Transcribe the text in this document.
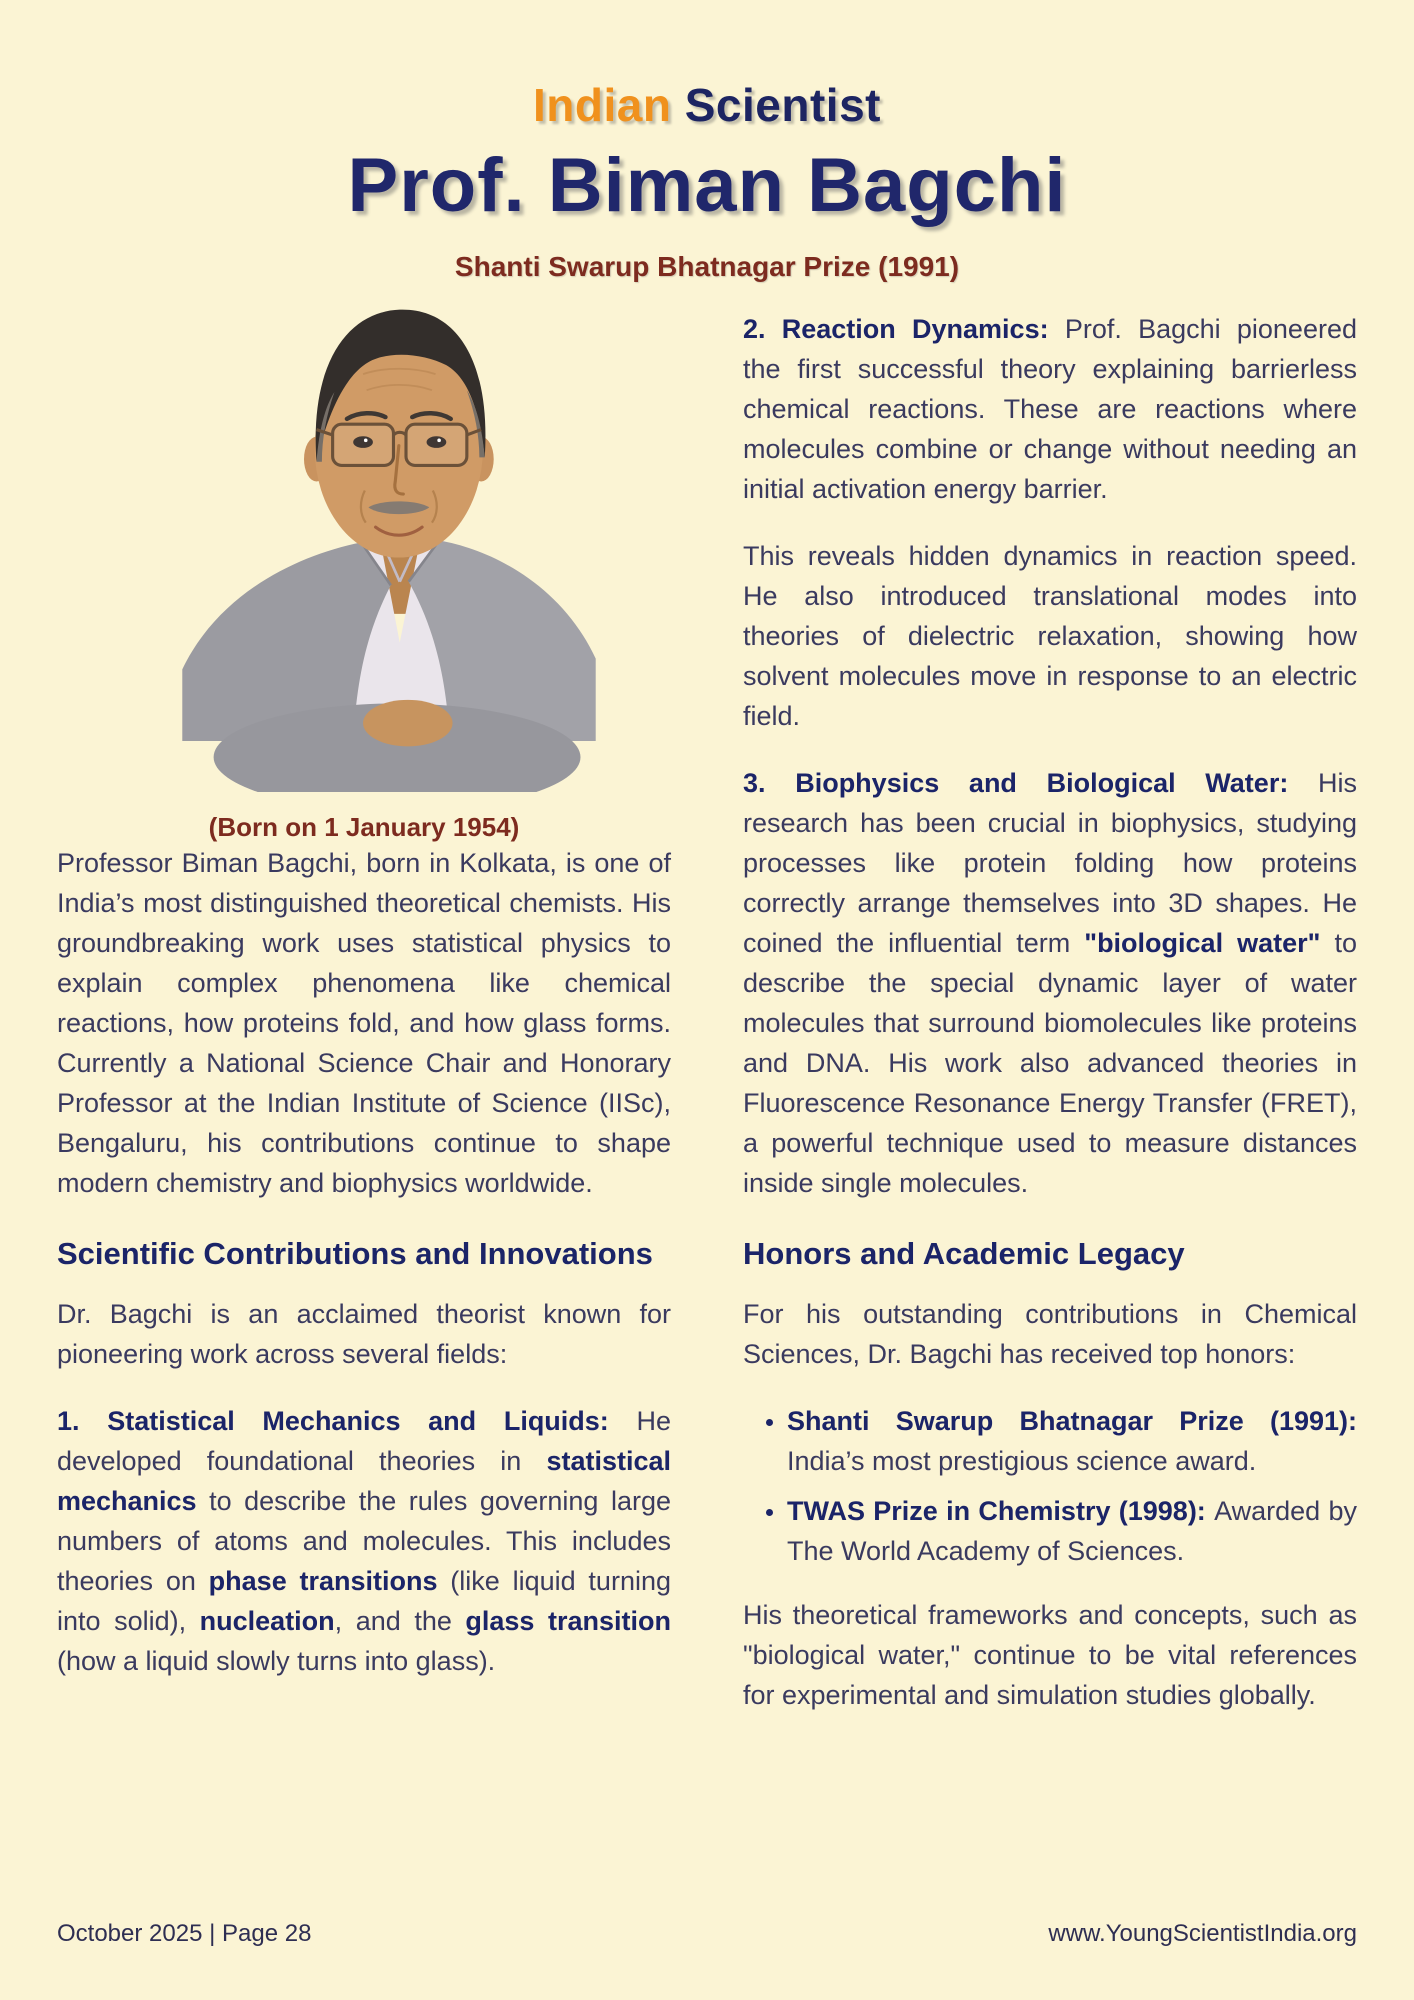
Indian Scientist
Prof. Biman Bagchi
Shanti Swarup Bhatnagar Prize (1991)
(Born on 1 January 1954)

Professor Biman Bagchi, born in Kolkata, is one of India’s most distinguished theoretical chemists. His groundbreaking work uses statistical physics to explain complex phenomena like chemical reactions, how proteins fold, and how glass forms. Currently a National Science Chair and Honorary Professor at the Indian Institute of Science (IISc), Bengaluru, his contributions continue to shape modern chemistry and biophysics worldwide.

Scientific Contributions and Innovations

Dr. Bagchi is an acclaimed theorist known for pioneering work across several fields:

1. Statistical Mechanics and Liquids: He developed foundational theories in statistical mechanics to describe the rules governing large numbers of atoms and molecules. This includes theories on phase transitions (like liquid turning into solid), nucleation, and the glass transition (how a liquid slowly turns into glass).

2. Reaction Dynamics: Prof. Bagchi pioneered the first successful theory explaining barrierless chemical reactions. These are reactions where molecules combine or change without needing an initial activation energy barrier.

This reveals hidden dynamics in reaction speed. He also introduced translational modes into theories of dielectric relaxation, showing how solvent molecules move in response to an electric field.

3. Biophysics and Biological Water: His research has been crucial in biophysics, studying processes like protein folding how proteins correctly arrange themselves into 3D shapes. He coined the influential term "biological water" to describe the special dynamic layer of water molecules that surround biomolecules like proteins and DNA. His work also advanced theories in Fluorescence Resonance Energy Transfer (FRET), a powerful technique used to measure distances inside single molecules.

Honors and Academic Legacy

For his outstanding contributions in Chemical Sciences, Dr. Bagchi has received top honors:

• Shanti Swarup Bhatnagar Prize (1991): India’s most prestigious science award.
• TWAS Prize in Chemistry (1998): Awarded by The World Academy of Sciences.

His theoretical frameworks and concepts, such as "biological water," continue to be vital references for experimental and simulation studies globally.

October 2025 | Page 28	www.YoungScientistIndia.org
